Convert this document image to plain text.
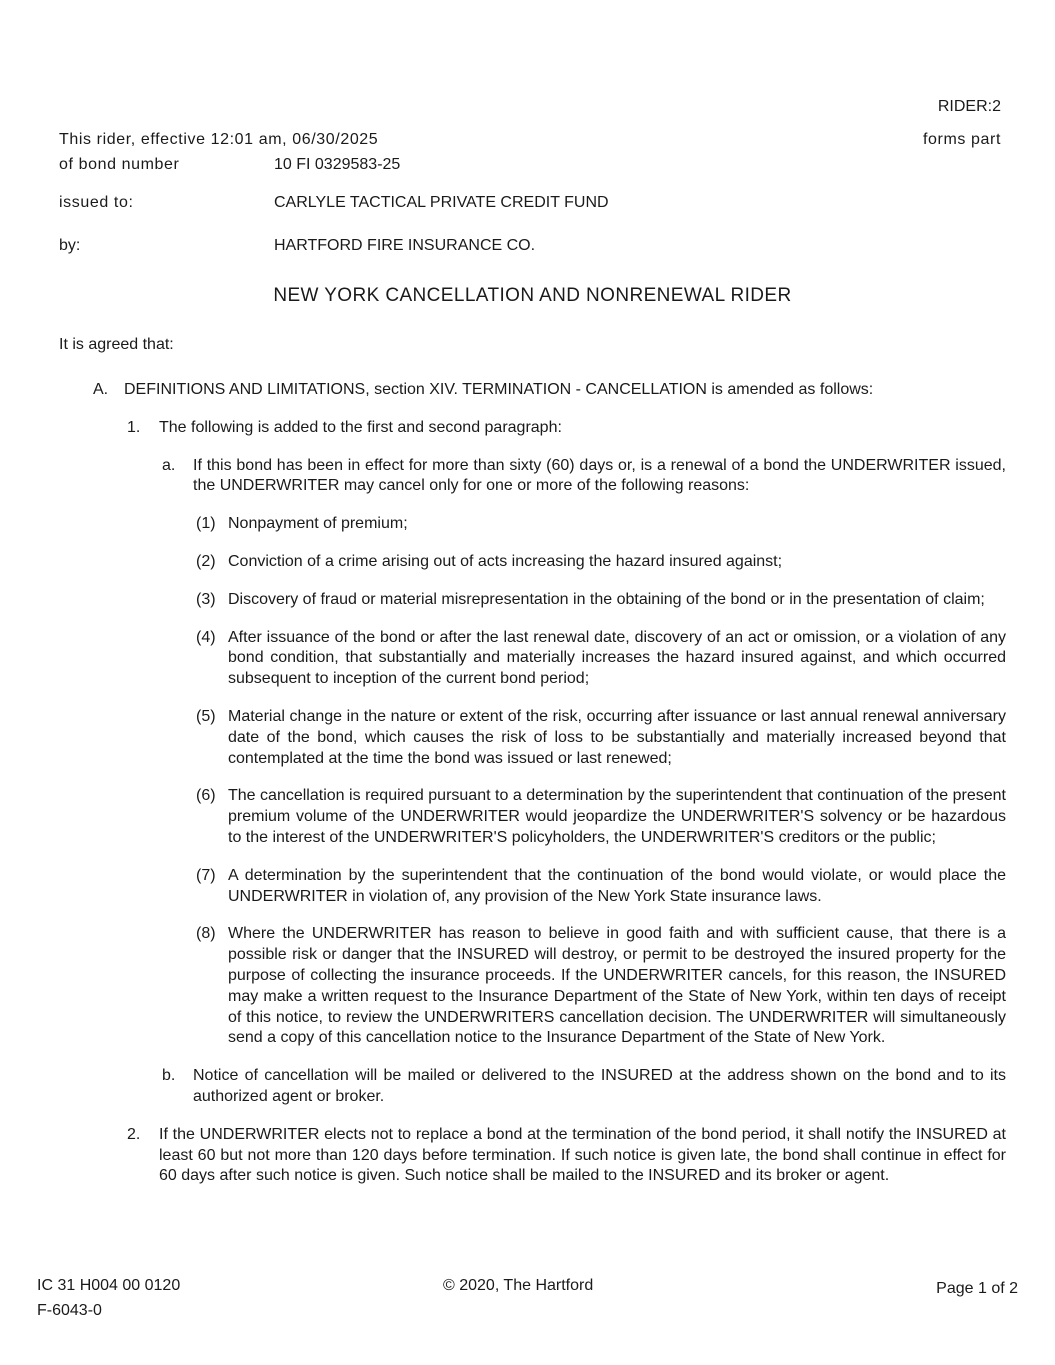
RIDER:2
This rider, effective 12:01 am, 06/30/2025	forms part
of bond number	10 FI 0329583-25
issued to:	CARLYLE TACTICAL PRIVATE CREDIT FUND
by:	HARTFORD FIRE INSURANCE CO.
NEW YORK CANCELLATION AND NONRENEWAL RIDER
It is agreed that:
A. DEFINITIONS AND LIMITATIONS, section XIV. TERMINATION - CANCELLATION is amended as follows:
1. The following is added to the first and second paragraph:
a. If this bond has been in effect for more than sixty (60) days or, is a renewal of a bond the UNDERWRITER issued, the UNDERWRITER may cancel only for one or more of the following reasons:
(1) Nonpayment of premium;
(2) Conviction of a crime arising out of acts increasing the hazard insured against;
(3) Discovery of fraud or material misrepresentation in the obtaining of the bond or in the presentation of claim;
(4) After issuance of the bond or after the last renewal date, discovery of an act or omission, or a violation of any bond condition, that substantially and materially increases the hazard insured against, and which occurred subsequent to inception of the current bond period;
(5) Material change in the nature or extent of the risk, occurring after issuance or last annual renewal anniversary date of the bond, which causes the risk of loss to be substantially and materially increased beyond that contemplated at the time the bond was issued or last renewed;
(6) The cancellation is required pursuant to a determination by the superintendent that continuation of the present premium volume of the UNDERWRITER would jeopardize the UNDERWRITER'S solvency or be hazardous to the interest of the UNDERWRITER'S policyholders, the UNDERWRITER'S creditors or the public;
(7) A determination by the superintendent that the continuation of the bond would violate, or would place the UNDERWRITER in violation of, any provision of the New York State insurance laws.
(8) Where the UNDERWRITER has reason to believe in good faith and with sufficient cause, that there is a possible risk or danger that the INSURED will destroy, or permit to be destroyed the insured property for the purpose of collecting the insurance proceeds. If the UNDERWRITER cancels, for this reason, the INSURED may make a written request to the Insurance Department of the State of New York, within ten days of receipt of this notice, to review the UNDERWRITERS cancellation decision. The UNDERWRITER will simultaneously send a copy of this cancellation notice to the Insurance Department of the State of New York.
b. Notice of cancellation will be mailed or delivered to the INSURED at the address shown on the bond and to its authorized agent or broker.
2. If the UNDERWRITER elects not to replace a bond at the termination of the bond period, it shall notify the INSURED at least 60 but not more than 120 days before termination. If such notice is given late, the bond shall continue in effect for 60 days after such notice is given. Such notice shall be mailed to the INSURED and its broker or agent.
IC 31 H004 00 0120
F-6043-0
© 2020, The Hartford	Page 1 of 2
